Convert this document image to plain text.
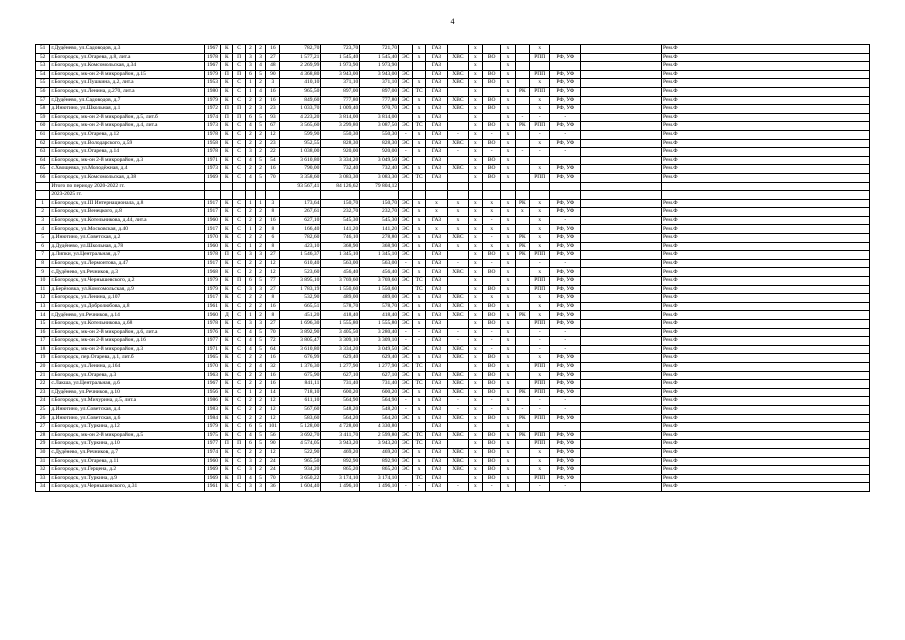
4
51	г.Дудёнево, ул.Садоводов, д.3	1967	К	С	2	2	16	782,70	723,70	721,70		х	ГАЗ		х		х		х			Рем.Ф
52	г.Богородск, ул.Огарева, д.8, лит.а	1978	К	П	3	3	27	1 577,21	1 545,40	1 545,40	ЭС	х	ГАЗ	ХВС	х	ВО	х		РПП	РФ, УФ		Рем.Ф
53	г.Богородск, ул.Комсомольская, д.34	1967	К	С	3	4	48	2 269,99	1 973,90	1 973,90			ГАЗ		х		х					Рем.Ф
54	г.Богородск, мк-он 2-й микрорайон, д.15	1979	П	П	6	5	90	4 368,80	3 943,00	3 943,00	ЭС		ГАЗ	ХВС	х	ВО	х		РПП	РФ, УФ		Рем.Ф
55	г.Богородск, ул.Пушкина, д.2, лит.а	1953	К	С	1	2	3	410,10	371,10	371,10	ЭС	х	ГАЗ	ХВС	х	ВО	х		х	РФ, УФ		Рем.Ф
56	г.Богородск, ул.Ленина, д.270, лит.а	1980	К	С	1	4	16	965,50	897,00	897,00	ЭС	ТС	ГАЗ		х		х	РК	РПП	РФ, УФ		Рем.Ф
57	г.Дудёнево, ул.Садоводов, д.7	1979	К	С	2	2	16	849,60	777,80	777,80	ЭС	х	ГАЗ	ХВС	х	ВО	х		х	РФ, УФ		Рем.Ф
58	д.Инютино, ул.Школьная, д.1	1972	П	П	2	3	23	1 033,70	1 009,40	970,70	ЭС	х	ГАЗ	ХВС	х	ВО	х		х	РФ, УФ		Рем.Ф
59	г.Богородск, мк-он 2-й микрорайон, д.5, лит.б	1974	П	П	6	5	93	4 223,20	3 814,00	3 814,00		х	ГАЗ		х		х	-	-	-		Рем.Ф
60	г.Богородск, мк-он 2-й микрорайон, д.4, лит.а	1973	К	С	4	5	67	3 565,60	3 299,80	3 087,50	ЭС	ТС	ГАЗ		х	ВО	х	РК	РПП	РФ, УФ		Рем.Ф
61	г.Богородск, ул.Огарева, д.12	1978	К	С	2	2	12	599,90	550,30	550,30	-	х	ГАЗ	-	х	-	х		-	-		Рем.Ф
62	г.Богородск, ул.Володарского, д.59	1958	К	С	2	2	23	952,55	828,30	828,30	ЭС	х	ГАЗ	ХВС	х	ВО	х		х	РФ, УФ		Рем.Ф
63	г.Богородск, ул.Огарева, д.14	1978	К	С	3	2	22	1 038,00	920,00	920,00	-	х	ГАЗ	-	х	-	х	-	-	-		Рем.Ф
64	г.Богородск, мк-он 2-й микрорайон, д.3	1971	К	С	4	5	54	3 610,80	3 334,20	3 049,50	ЭС		ГАЗ		х	ВО	х					Рем.Ф
65	с.Хвощевка, ул.Молодёжная, д.4	1973	К	С	2	2	16	790,00	732,40	732,40	ЭС	х	ГАЗ	ХВС	х	ВО	х		х	РФ, УФ		Рем.Ф
66	г.Богородск, ул.Комсомольская, д.38	1969	К	С	4	5	70	3 358,60	3 083,30	3 083,30	ЭС	ТС	ГАЗ		х	ВО	х		РПП	РФ, УФ		Рем.Ф
	Итого по периоду 2020-2022 гг.							93 567,41	84 126,62	79 804,12												
	2023-2025 гг.																					
1	г.Богородск, ул.III Интернационала, д.8	1917	К	С	1	1	3	173,64	150,70	150,70	ЭС	х	х	х	х	х	х	РК	х	РФ, УФ		Рем.Ф
2	г.Богородск, ул.Венецкого, д.8	1917	К	С	2	2	8	267,61	232,70	232,70	ЭС	х	х	х	х	х	х	х	х	РФ, УФ		Рем.Ф
3	г.Богородск, ул.Котельникова, д.44, лит.а	1960	К	С	2	2	16	627,10	545,30	545,30	ЭС	х	ГАЗ	х	х	-	х		х	-		Рем.Ф
4	г.Богородск, ул.Московская, д.40	1917	К	С	1	2	8	166,40	141,20	141,20	ЭС	х	х	х	х	х	х		х	РФ, УФ		Рем.Ф
5	д.Инютино, ул.Советская, д.2	1970	К	С	2	2	6	782,60	746,10	278,80	ЭС	х	ГАЗ	ХВС	х	-	х	РК	х	РФ, УФ		Рем.Ф
6	д.Дудёнево, ул.Школьная, д.78	1960	К	С	1	2	8	423,10	368,90	368,90	ЭС	х	ГАЗ	х	х	х	х	РК	х	РФ, УФ		Рем.Ф
7	д.Липки, ул.Центральная, д.7	1978	П	С	3	3	27	1 546,37	1 345,10	1 345,10	ЭС		ГАЗ		х	ВО	х	РК	РПП	РФ, УФ		Рем.Ф
8	г.Богородск, ул.Лермонтова, д.47	1917	К	С	2	2	12	610,40	563,00	563,00	-	х	ГАЗ	-	х	-	х		-	-		Рем.Ф
9	с.Дудёнево, ул.Речников, д.3	1968	К	С	2	2	12	523,60	456,40	456,40	ЭС	х	ГАЗ	ХВС	х	ВО	х		х	РФ, УФ		Рем.Ф
10	г.Богородск, ул.Чернышевского, д.2	1979	К	П	6	5	77	3 895,10	3 769,60	3 769,60	ЭС	ТС	ГАЗ		х		х		РПП	РФ, УФ		Рем.Ф
11	д.Берёзовка, ул.Комсомольская, д.9	1979	К	С	3	3	27	1 783,19	1 550,60	1 550,60		ТС	ГАЗ		х	ВО	х		РПП	РФ, УФ		Рем.Ф
12	г.Богородск, ул.Ленина, д.107	1917	К	С	2	2	8	532,90	489,00	489,00	ЭС	х	ГАЗ	ХВС	х	х	х		х	РФ, УФ		Рем.Ф
13	г.Богородск, ул.Добролюбова, д.8	1961	К	С	2	2	16	665,51	578,70	578,70	ЭС	х	ГАЗ	ХВС	х	ВО	х		х	РФ, УФ		Рем.Ф
14	г.Дудёнево, ул.Речников, д.14	1960	Д	С	1	2	8	451,20	418,40	418,40	ЭС	х	ГАЗ	ХВС	х	ВО	х	РК	х	РФ, УФ		Рем.Ф
15	г.Богородск, ул.Котельникова, д.68	1978	К	С	3	3	27	1 696,30	1 555,80	1 555,80	ЭС	х	ГАЗ		х	ВО	х		РПП	РФ, УФ		Рем.Ф
16	г.Богородск, мк-он 2-й микрорайон, д.6, лит.а	1976	К	С	4	5	70	3 892,90	3 405,50	3 280,40	-	-	ГАЗ	-	х	-	х		-	-		Рем.Ф
17	г.Богородск, мк-он 2-й микрорайон, д.16	1977	К	С	4	5	72	3 805,47	3 309,10	3 309,10	-	-	ГАЗ	-	х	-	х		-	-		Рем.Ф
18	г.Богородск, мк-он 2-й микрорайон, д.3	1971	К	С	4	5	64	3 610,80	3 334,20	3 049,50	ЭС		ГАЗ	ХВС	х	-	х		-	-		Рем.Ф
19	г.Богородск, пер.Огарева, д.1, лит.б	1965	К	С	2	2	16	676,99	629,40	629,40	ЭС	х	ГАЗ	ХВС	х	ВО	х		х	РФ, УФ		Рем.Ф
20	г.Богородск, ул.Ленина, д.164	1970	К	С	2	4	32	1 376,30	1 277,90	1 277,90	ЭС	ТС	ГАЗ		х	ВО	х		РПП	РФ, УФ		Рем.Ф
21	г.Богородск, ул.Огарева, д.3	1963	К	С	2	2	16	675,90	627,10	627,10	ЭС	х	ГАЗ	ХВС	х	ВО	х		х	РФ, УФ		Рем.Ф
22	с.Лакша, ул.Центральная, д.6	1967	К	С	2	2	16	841,11	731,40	731,40	ЭС	ТС	ГАЗ	ХВС	х	ВО	х		РПП	РФ, УФ		Рем.Ф
23	г.Дудёнево, ул.Речников, д.10	1956	К	С	1	2	14	718,10	600,20	600,20	ЭС	х	ГАЗ	ХВС	х	ВО	х	РК	РПП	РФ, УФ		Рем.Ф
24	г.Богородск, ул.Мичурина, д.5, лит.а	1986	К	С	2	2	12	611,10	564,90	564,90	-	х	ГАЗ	-	х	-	х		-	-		Рем.Ф
25	д.Инютино, ул.Советская, д.4	1983	К	С	2	2	12	567,60	548,20	548,20	-	х	ГАЗ	-	х	-	х	-	-	-		Рем.Ф
26	д.Инютино, ул.Советская, д.6	1984	К	С	2	2	12	583,60	564,20	564,20	ЭС	х	ГАЗ	ХВС	х	ВО	х	РК	РПП	РФ, УФ		Рем.Ф
27	г.Богородск, ул.Туркина, д.12	1979	К	С	6	5	101	5 128,00	4 728,00	4 330,80			ГАЗ		х		х					Рем.Ф
28	г.Богородск, мк-он 2-й микрорайон, д.5	1975	К	С	4	5	56	3 692,70	3 411,70	2 599,80	ЭС	ТС	ГАЗ	ХВС	х	ВО	х	РК	РПП	РФ, УФ		Рем.Ф
29	г.Богородск, ул.Туркина, д.10	1977	П	П	6	5	90	4 574,05	3 943,20	3 943,20	ЭС	ТС	ГАЗ		х	ВО	х		РПП	РФ, УФ		Рем.Ф
30	с.Дудёнево, ул.Речников, д.7	1974	К	С	2	2	12	522,90	469,20	469,20	ЭС	х	ГАЗ	ХВС	х	ВО	х		х	РФ, УФ		Рем.Ф
31	г.Богородск, ул.Огарева, д.11	1960	К	С	3	2	24	965,50	892,90	892,90	ЭС	х	ГАЗ	ХВС	х	ВО	х		х	РФ, УФ		Рем.Ф
32	г.Богородск, ул.Герцена, д.2	1969	К	С	3	2	24	934,20	865,20	865,20	ЭС	х	ГАЗ	ХВС	х	ВО	х		х	РФ, УФ		Рем.Ф
33	г.Богородск, ул.Туркина, д.9	1969	К	П	4	5	70	3 650,22	3 174,10	3 174,10		ТС	ГАЗ		х	ВО	х		РПП	РФ, УФ		Рем.Ф
34	г.Богородск, ул.Чернышевского, д.31	1961	К	С	3	3	36	1 604,40	1 496,10	1 496,10	-	-	ГАЗ	-	х	-	х		-	-		Рем.Ф
